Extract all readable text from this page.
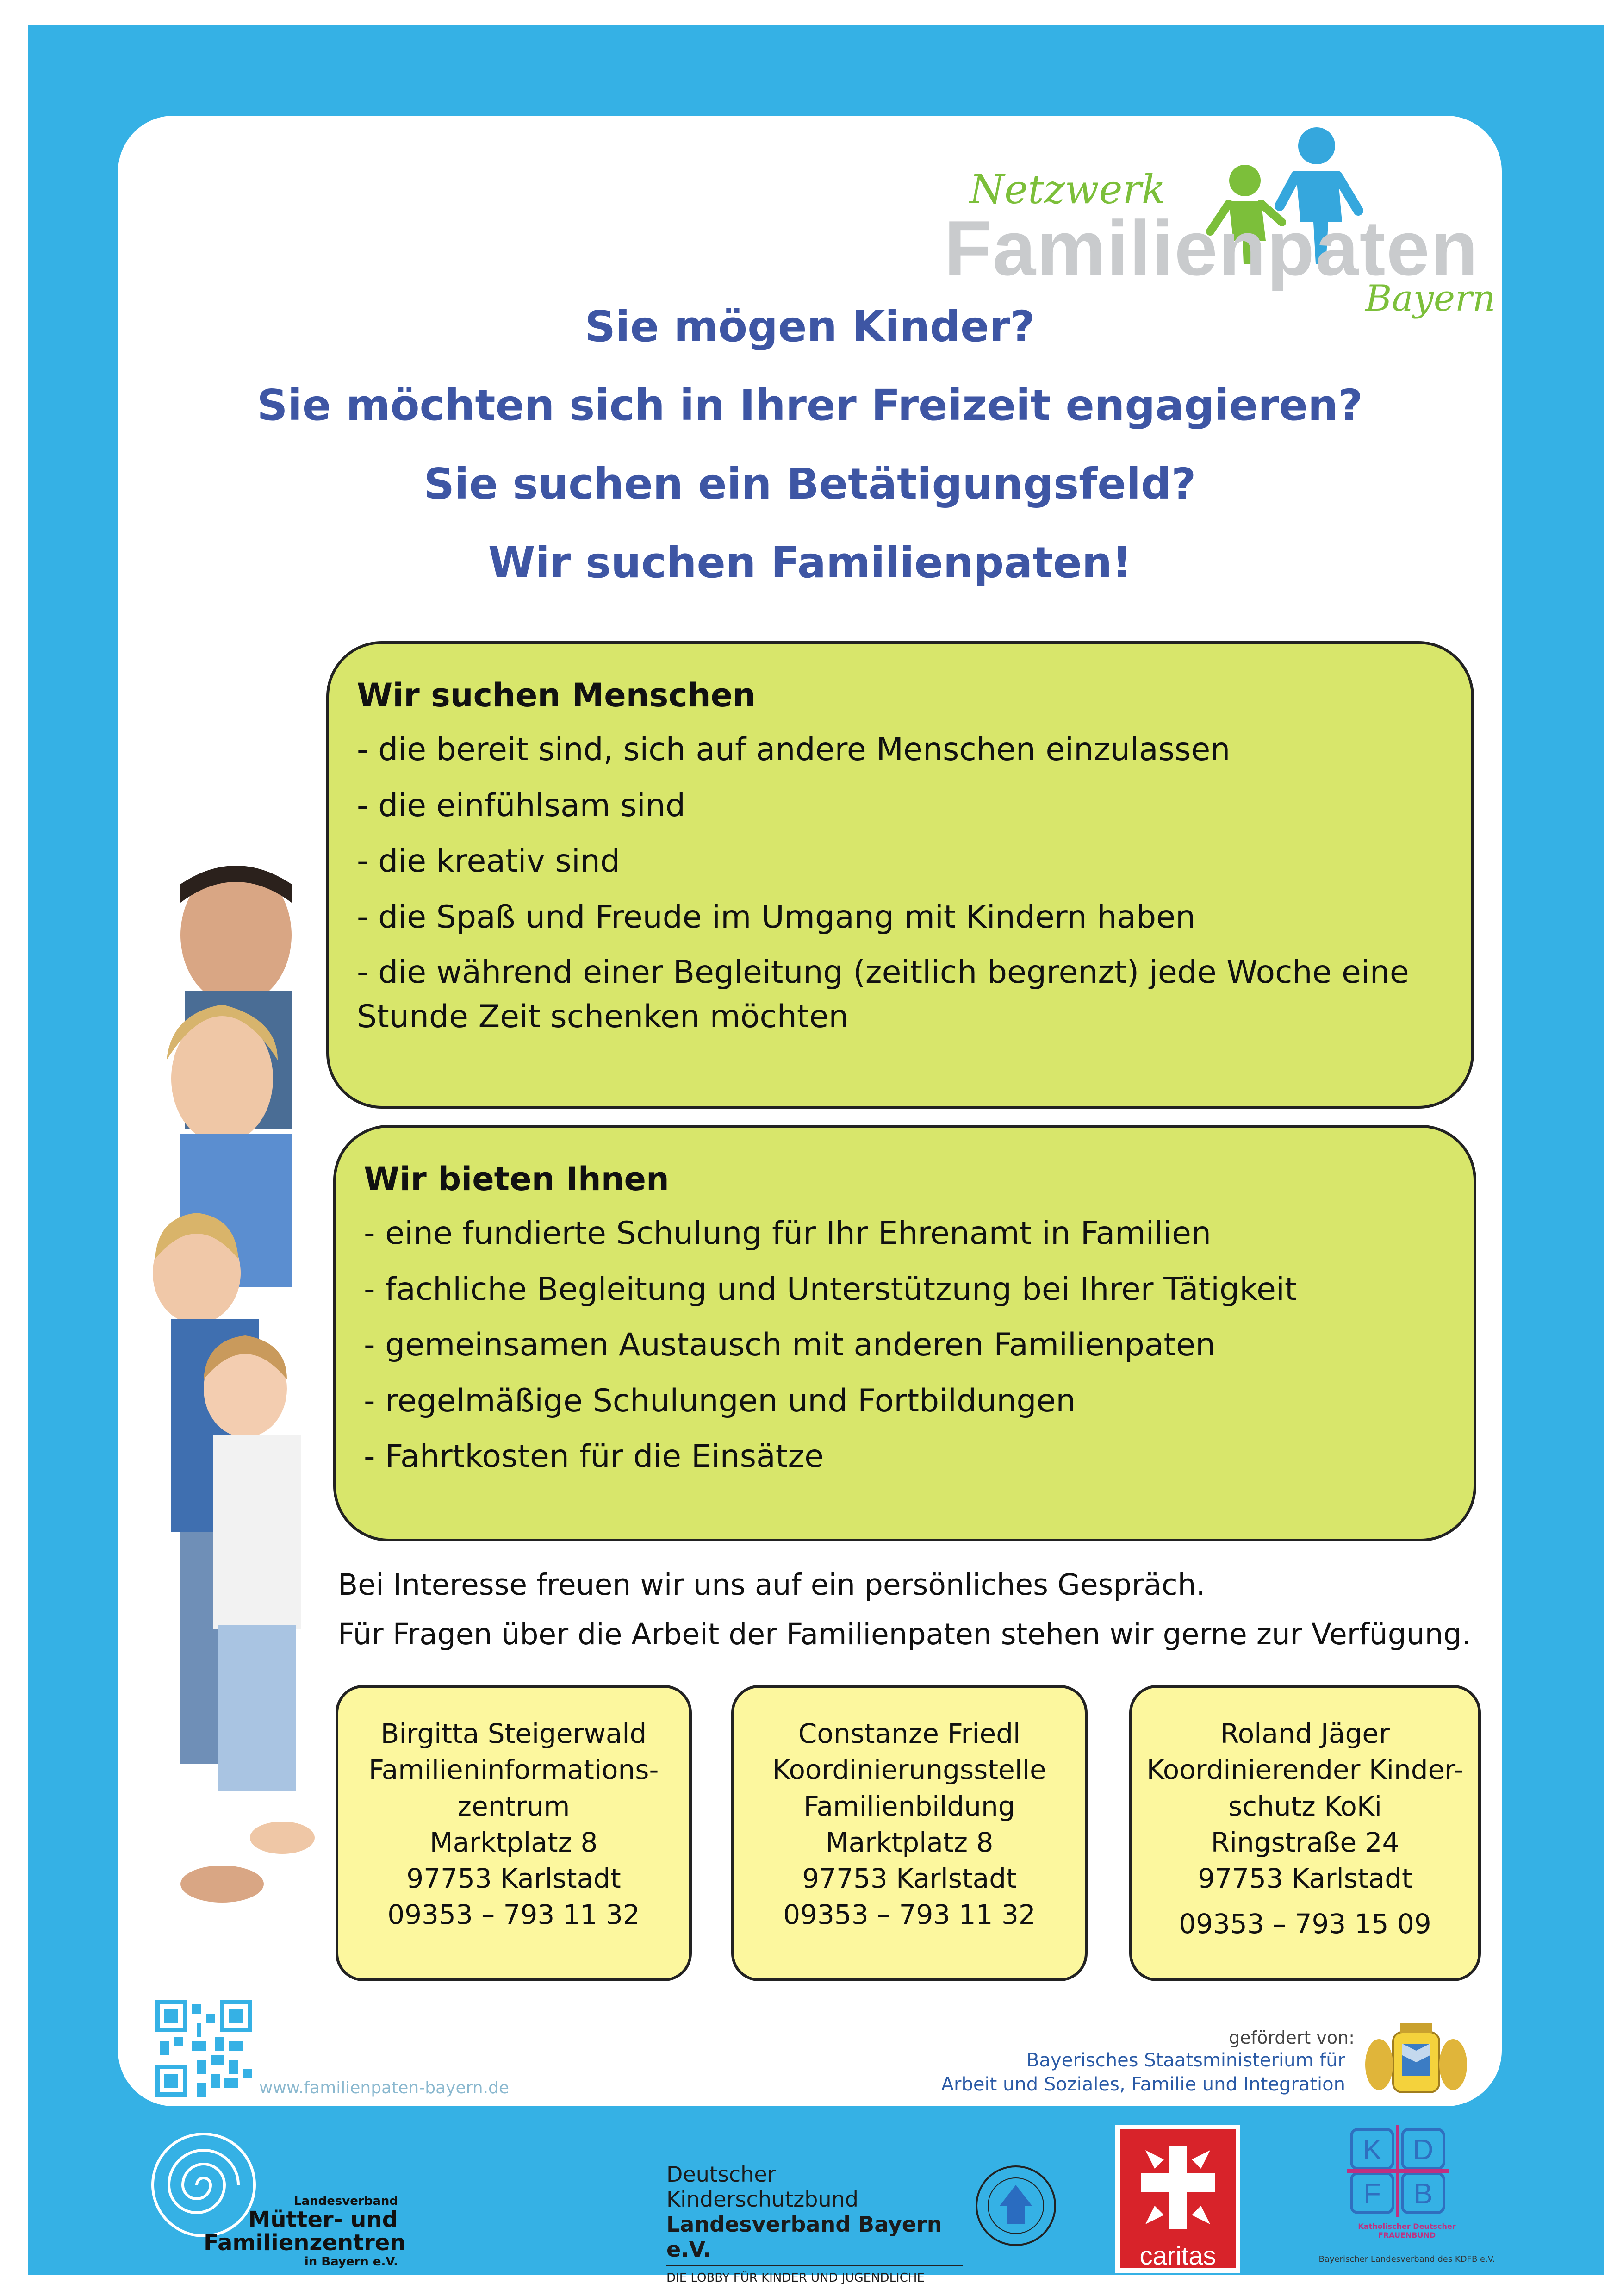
Netzwerk
Familienpaten
Bayern
Sie mögen Kinder?
Sie möchten sich in Ihrer Freizeit engagieren?
Sie suchen ein Betätigungsfeld?
Wir suchen Familienpaten!
Wir suchen Menschen
- die bereit sind, sich auf andere Menschen einzulassen
- die einfühlsam sind
- die kreativ sind
- die Spaß und Freude im Umgang mit Kindern haben
- die während einer Begleitung (zeitlich begrenzt) jede Woche eine Stunde Zeit schenken möchten
Wir bieten Ihnen
- eine fundierte Schulung für Ihr Ehrenamt in Familien
- fachliche Begleitung und Unterstützung bei Ihrer Tätigkeit
- gemeinsamen Austausch mit anderen Familienpaten
- regelmäßige Schulungen und Fortbildungen
- Fahrtkosten für die Einsätze
Bei Interesse freuen wir uns auf ein persönliches Gespräch.
Für Fragen über die Arbeit der Familienpaten stehen wir gerne zur Verfügung.
Birgitta Steigerwald
Familieninformations-
zentrum
Marktplatz 8
97753 Karlstadt
09353 – 793 11 32
Constanze Friedl
Koordinierungsstelle
Familienbildung
Marktplatz 8
97753 Karlstadt
09353 – 793 11 32
Roland Jäger
Koordinierender Kinder-
schutz KoKi
Ringstraße 24
97753 Karlstadt
09353 – 793 15 09
www.familienpaten-bayern.de
gefördert von:
Bayerisches Staatsministerium für
Arbeit und Soziales, Familie und Integration
Landesverband
Mütter- und
Familienzentren
in Bayern e.V.
Deutscher Kinderschutzbund
Landesverband Bayern e.V.
DIE LOBBY FÜR KINDER UND JUGENDLICHE
caritas
K D
F B
Katholischer Deutscher FRAUENBUND
Bayerischer Landesverband des KDFB e.V.
